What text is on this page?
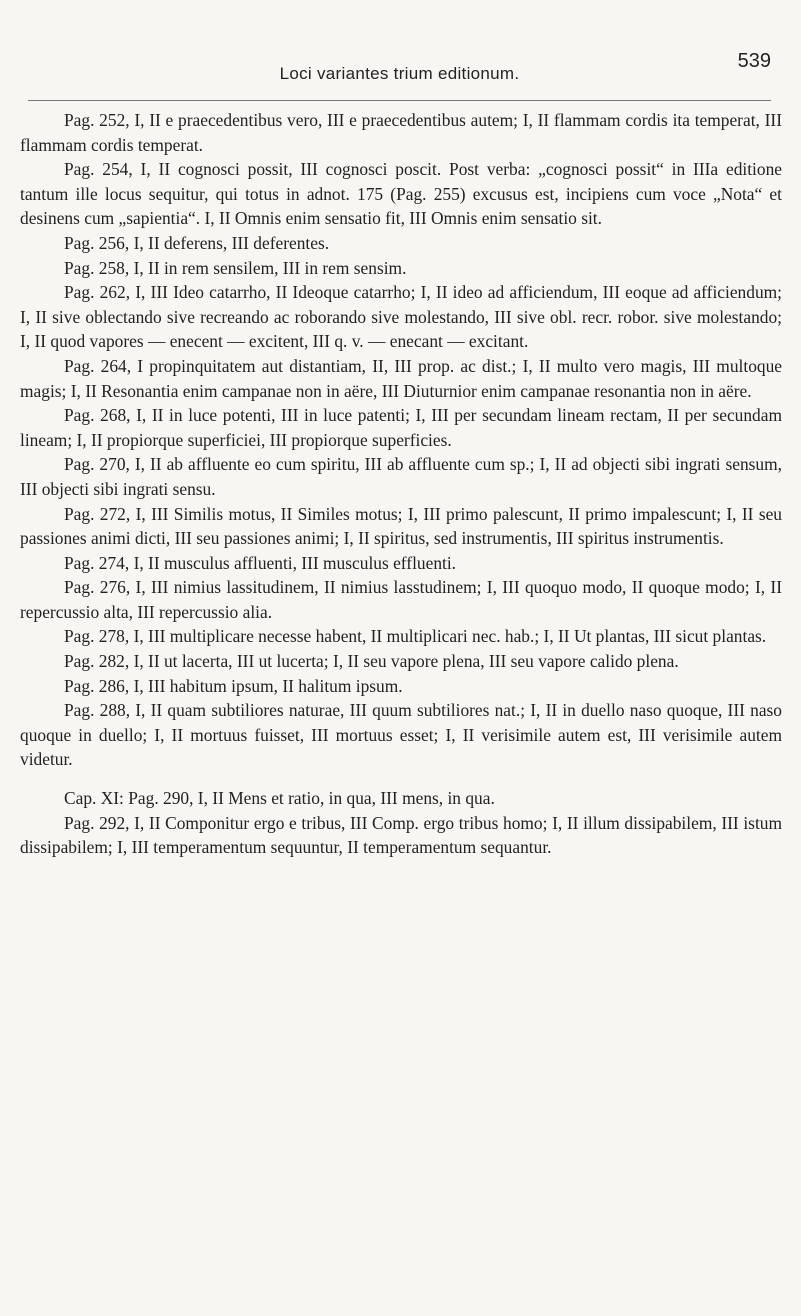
Loci variantes trium editionum.
539

Pag. 252, I, II e praecedentibus vero, III e praecedentibus autem; I, II flammam cordis ita temperat, III flammam cordis temperat.

Pag. 254, I, II cognosci possit, III cognosci poscit. Post verba: „cognosci possit“ in IIIa editione tantum ille locus sequitur, qui totus in adnot. 175 (Pag. 255) excusus est, incipiens cum voce „Nota“ et desinens cum „sapientia“. I, II Omnis enim sensatio fit, III Omnis enim sensatio sit.

Pag. 256, I, II deferens, III deferentes.

Pag. 258, I, II in rem sensilem, III in rem sensim.

Pag. 262, I, III Ideo catarrho, II Ideoque catarrho; I, II ideo ad afficiendum, III eoque ad afficiendum; I, II sive oblectando sive recreando ac roborando sive molestando, III sive obl. recr. robor. sive molestando; I, II quod vapores — enecent — excitent, III q. v. — enecant — excitant.

Pag. 264, I propinquitatem aut distantiam, II, III prop. ac dist.; I, II multo vero magis, III multoque magis; I, II Resonantia enim campanae non in aëre, III Diuturnior enim campanae resonantia non in aëre.

Pag. 268, I, II in luce potenti, III in luce patenti; I, III per secundam lineam rectam, II per secundam lineam; I, II propiorque superficiei, III propiorque superficies.

Pag. 270, I, II ab affluente eo cum spiritu, III ab affluente cum sp.; I, II ad objecti sibi ingrati sensum, III objecti sibi ingrati sensu.

Pag. 272, I, III Similis motus, II Similes motus; I, III primo palescunt, II primo impalescunt; I, II seu passiones animi dicti, III seu passiones animi; I, II spiritus, sed instrumentis, III spiritus instrumentis.

Pag. 274, I, II musculus affluenti, III musculus effluenti.

Pag. 276, I, III nimius lassitudinem, II nimius lasstudinem; I, III quoquo modo, II quoque modo; I, II repercussio alta, III repercussio alia.

Pag. 278, I, III multiplicare necesse habent, II multiplicari nec. hab.; I, II Ut plantas, III sicut plantas.

Pag. 282, I, II ut lacerta, III ut lucerta; I, II seu vapore plena, III seu vapore calido plena.

Pag. 286, I, III habitum ipsum, II halitum ipsum.

Pag. 288, I, II quam subtiliores naturae, III quum subtiliores nat.; I, II in duello naso quoque, III naso quoque in duello; I, II mortuus fuisset, III mortuus esset; I, II verisimile autem est, III verisimile autem videtur.

Cap. XI: Pag. 290, I, II Mens et ratio, in qua, III mens, in qua.

Pag. 292, I, II Componitur ergo e tribus, III Comp. ergo tribus homo; I, II illum dissipabilem, III istum dissipabilem; I, III temperamentum sequuntur, II temperamentum sequantur.
